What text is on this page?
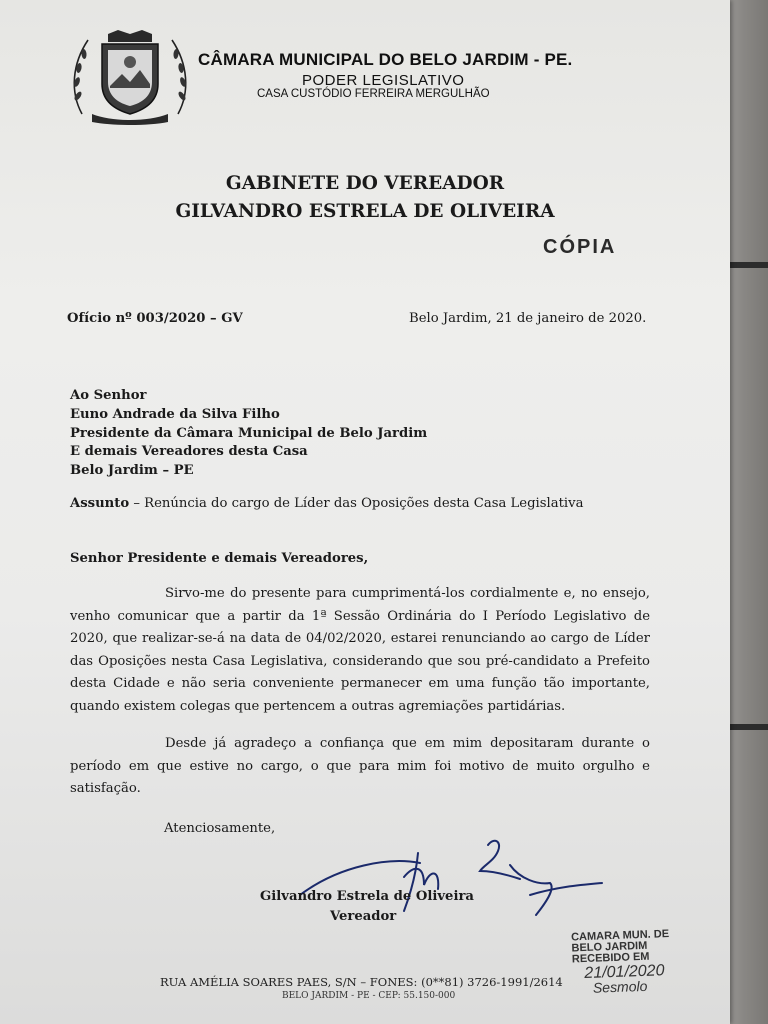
CÂMARA MUNICIPAL DO BELO JARDIM - PE.
PODER LEGISLATIVO
CASA CUSTÓDIO FERREIRA MERGULHÃO
GABINETE DO VEREADOR
GILVANDRO ESTRELA DE OLIVEIRA
CÓPIA
Ofício nº 003/2020 – GV	Belo Jardim, 21 de janeiro de 2020.
Ao Senhor
Euno Andrade da Silva Filho
Presidente da Câmara Municipal de Belo Jardim
E demais Vereadores desta Casa
Belo Jardim – PE
Assunto – Renúncia do cargo de Líder das Oposições desta Casa Legislativa
Senhor Presidente e demais Vereadores,
Sirvo-me do presente para cumprimentá-los cordialmente e, no ensejo, venho comunicar que a partir da 1ª Sessão Ordinária do I Período Legislativo de 2020, que realizar-se-á na data de 04/02/2020, estarei renunciando ao cargo de Líder das Oposições nesta Casa Legislativa, considerando que sou pré-candidato a Prefeito desta Cidade e não seria conveniente permanecer em uma função tão importante, quando existem colegas que pertencem a outras agremiações partidárias.
Desde já agradeço a confiança que em mim depositaram durante o período em que estive no cargo, o que para mim foi motivo de muito orgulho e satisfação.
Atenciosamente,
Gilvandro Estrela de Oliveira
Vereador
CAMARA MUN. DE
BELO JARDIM
RECEBIDO EM
21/01/2020
Sesmolo
RUA AMÉLIA SOARES PAES, S/N – FONES: (0**81) 3726-1991/2614
BELO JARDIM - PE - CEP: 55.150-000
